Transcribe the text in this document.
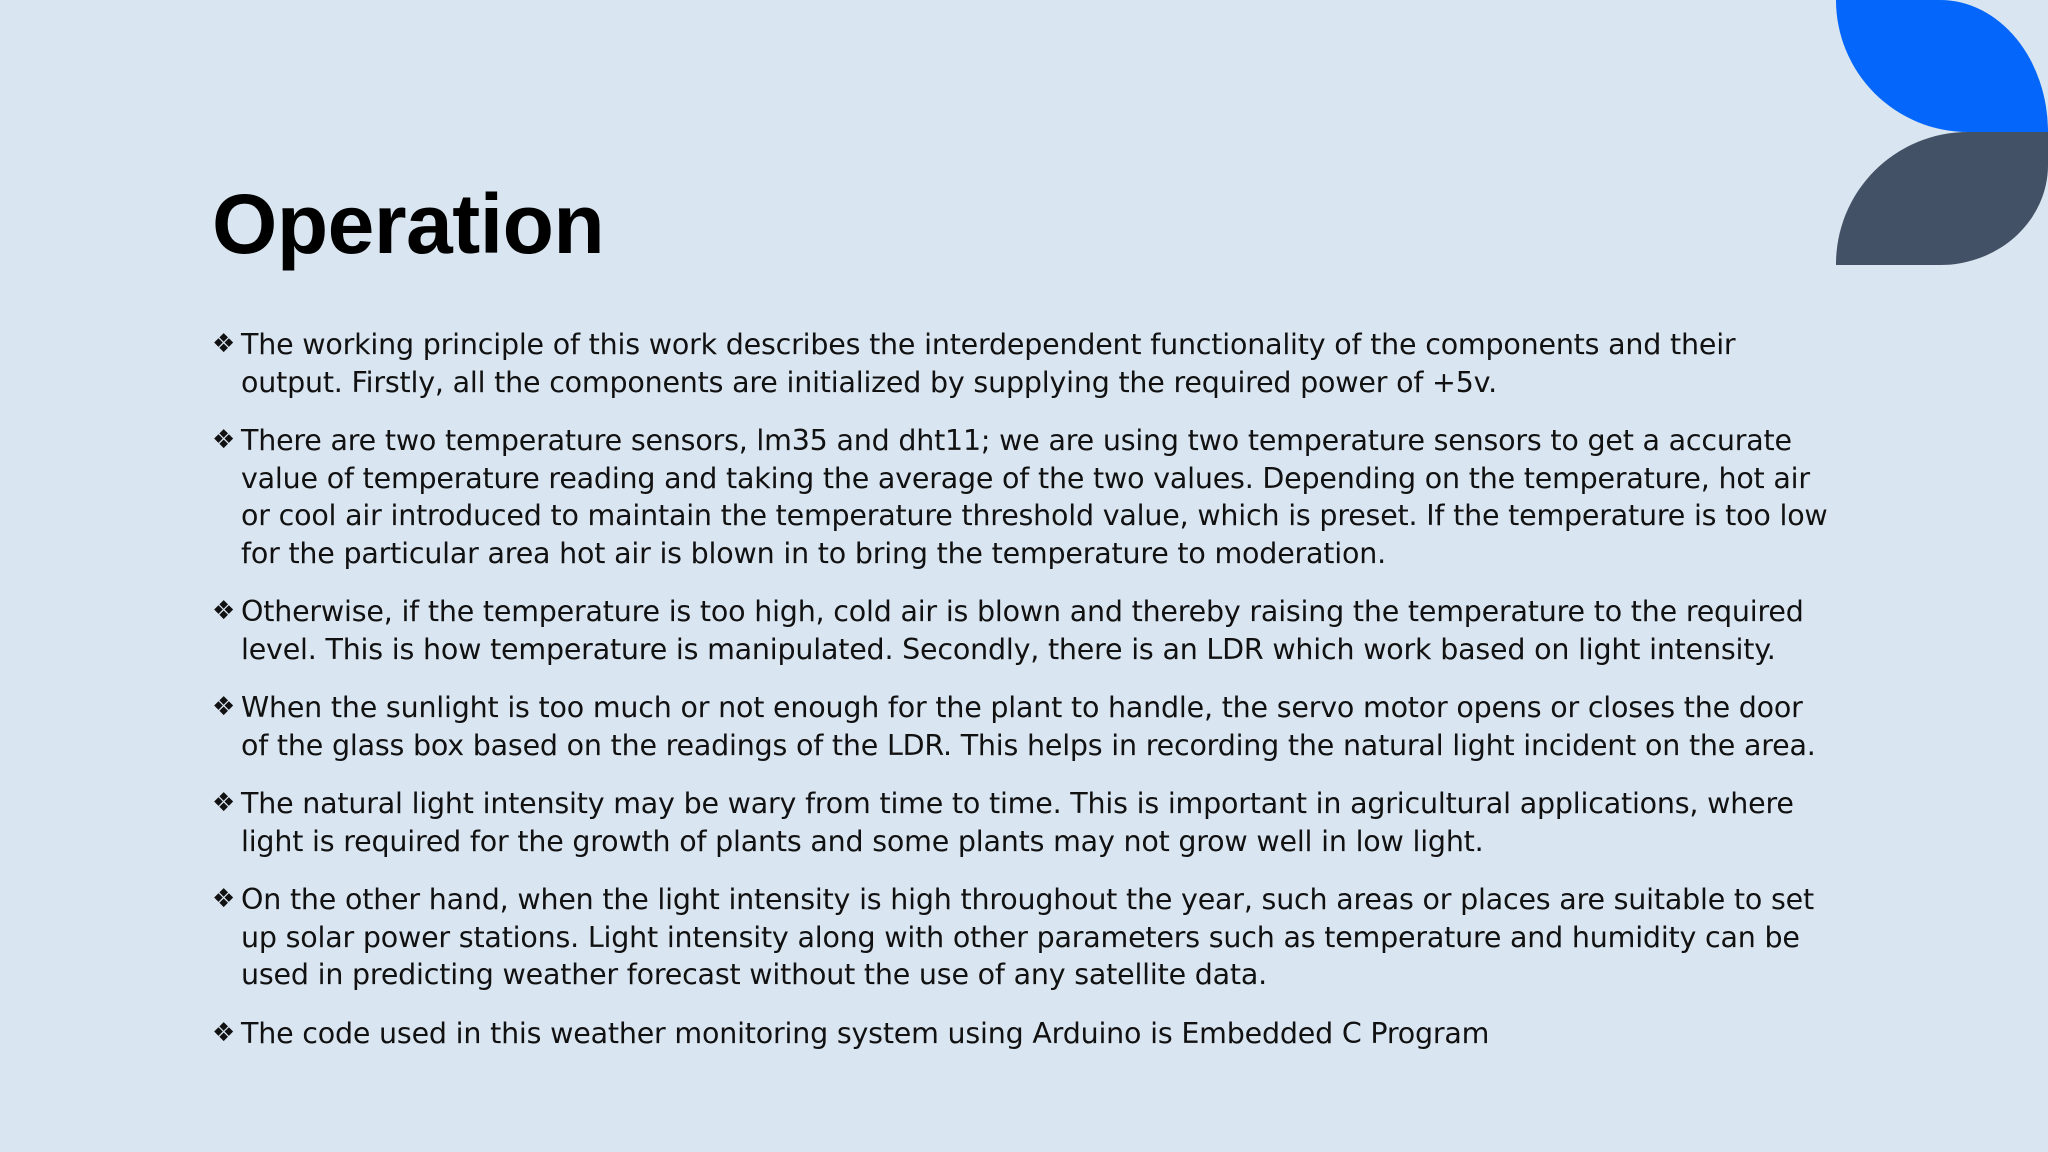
Operation
❖ The working principle of this work describes the interdependent functionality of the components and their output. Firstly, all the components are initialized by supplying the required power of +5v.
❖ There are two temperature sensors, lm35 and dht11; we are using two temperature sensors to get a accurate value of temperature reading and taking the average of the two values. Depending on the temperature, hot air or cool air introduced to maintain the temperature threshold value, which is preset. If the temperature is too low for the particular area hot air is blown in to bring the temperature to moderation.
❖ Otherwise, if the temperature is too high, cold air is blown and thereby raising the temperature to the required level. This is how temperature is manipulated. Secondly, there is an LDR which work based on light intensity.
❖ When the sunlight is too much or not enough for the plant to handle, the servo motor opens or closes the door of the glass box based on the readings of the LDR. This helps in recording the natural light incident on the area.
❖ The natural light intensity may be wary from time to time. This is important in agricultural applications, where light is required for the growth of plants and some plants may not grow well in low light.
❖ On the other hand, when the light intensity is high throughout the year, such areas or places are suitable to set up solar power stations. Light intensity along with other parameters such as temperature and humidity can be used in predicting weather forecast without the use of any satellite data.
❖ The code used in this weather monitoring system using Arduino is Embedded C Program
